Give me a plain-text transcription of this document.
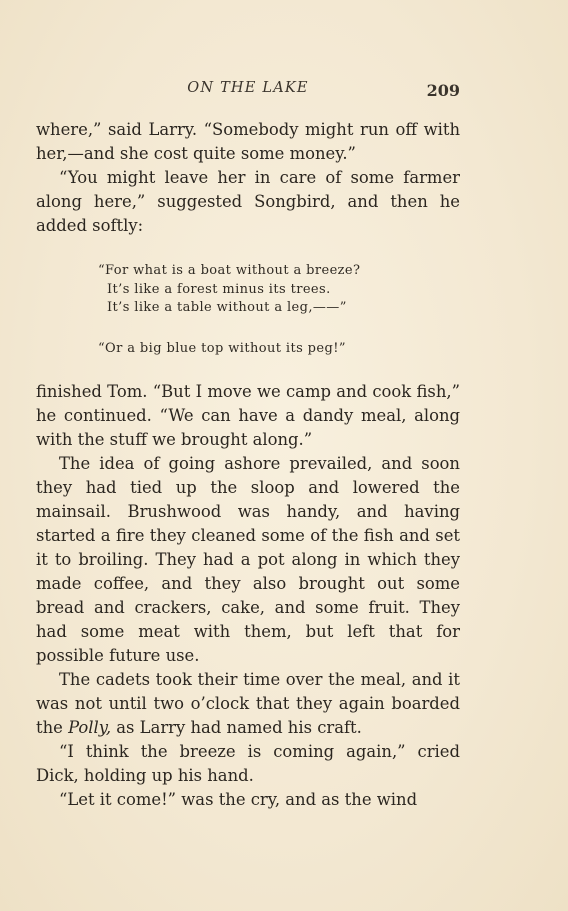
ON THE LAKE	209

where,” said Larry. “Somebody might run off with her,—and she cost quite some money.”

“You might leave her in care of some farmer along here,” suggested Songbird, and then he added softly:

“For what is a boat without a breeze?
It’s like a forest minus its trees.
It’s like a table without a leg,——”
“Or a big blue top without its peg!”

finished Tom. “But I move we camp and cook fish,” he continued. “We can have a dandy meal, along with the stuff we brought along.”

The idea of going ashore prevailed, and soon they had tied up the sloop and lowered the mainsail. Brushwood was handy, and having started a fire they cleaned some of the fish and set it to broiling. They had a pot along in which they made coffee, and they also brought out some bread and crackers, cake, and some fruit. They had some meat with them, but left that for possible future use.

The cadets took their time over the meal, and it was not until two o’clock that they again boarded the Polly, as Larry had named his craft.

“I think the breeze is coming again,” cried Dick, holding up his hand.

“Let it come!” was the cry, and as the wind
